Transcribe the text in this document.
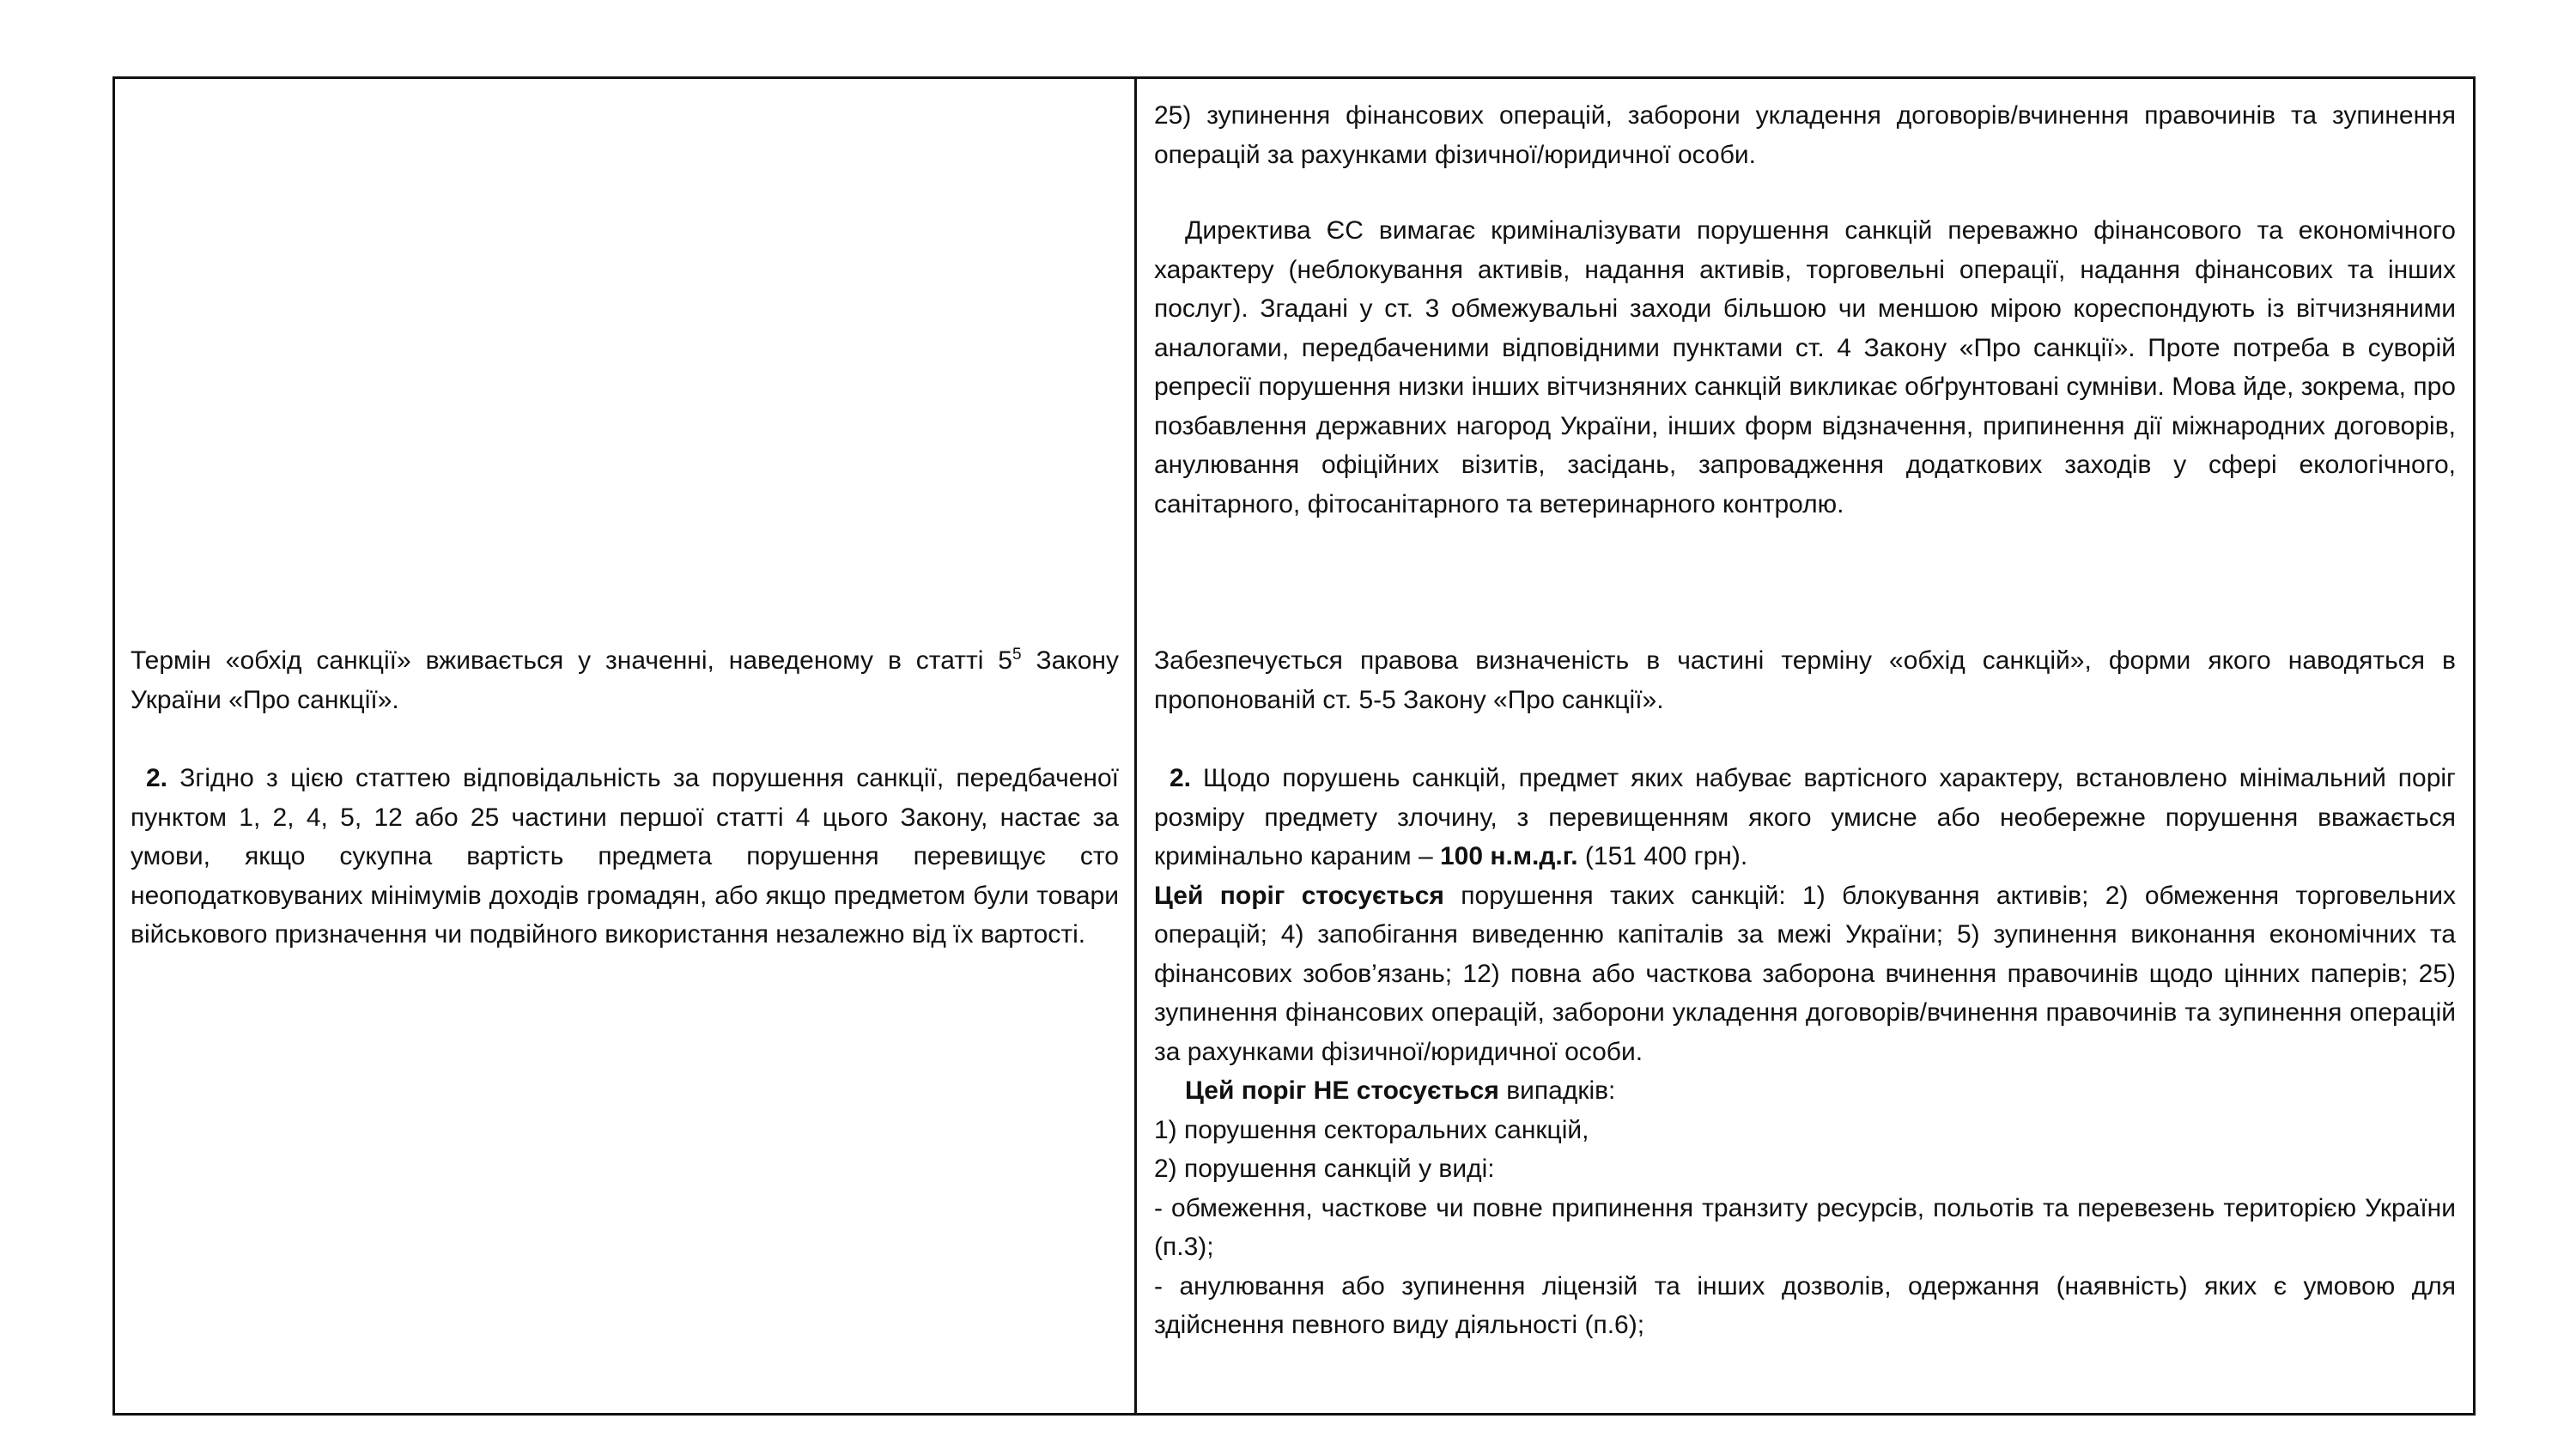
Термін «обхід санкції» вживається у значенні, наведеному в статті $5^5$ Закону України «Про санкції».

2. Згідно з цією статтею відповідальність за порушення санкції, передбаченої пунктом 1, 2, 4, 5, 12 або 25 частини першої статті 4 цього Закону, настає за умови, якщо сукупна вартість предмета порушення перевищує сто неоподатковуваних мінімумів доходів громадян, або якщо предметом були товари військового призначення чи подвійного використання незалежно від їх вартості.

25) зупинення фінансових операцій, заборони укладення договорів/вчинення правочинів та зупинення операцій за рахунками фізичної/юридичної особи.

Директива ЄС вимагає криміналізувати порушення санкцій переважно фінансового та економічного характеру (неблокування активів, надання активів, торговельні операції, надання фінансових та інших послуг). Згадані у ст. 3 обмежувальні заходи більшою чи меншою мірою кореспондують із вітчизняними аналогами, передбаченими відповідними пунктами ст. 4 Закону «Про санкції». Проте потреба в суворій репресії порушення низки інших вітчизняних санкцій викликає обґрунтовані сумніви. Мова йде, зокрема, про позбавлення державних нагород України, інших форм відзначення, припинення дії міжнародних договорів, анулювання офіційних візитів, засідань, запровадження додаткових заходів у сфері екологічного, санітарного, фітосанітарного та ветеринарного контролю.

Забезпечується правова визначеність в частині терміну «обхід санкцій», форми якого наводяться в пропонованій ст. 5-5 Закону «Про санкції».

2. Щодо порушень санкцій, предмет яких набуває вартісного характеру, встановлено мінімальний поріг розміру предмету злочину, з перевищенням якого умисне або необережне порушення вважається кримінально караним – 100 н.м.д.г. (151 400 грн).

Цей поріг стосується порушення таких санкцій: 1) блокування активів; 2) обмеження торговельних операцій; 4) запобігання виведенню капіталів за межі України; 5) зупинення виконання економічних та фінансових зобов’язань; 12) повна або часткова заборона вчинення правочинів щодо цінних паперів; 25) зупинення фінансових операцій, заборони укладення договорів/вчинення правочинів та зупинення операцій за рахунками фізичної/юридичної особи.

Цей поріг НЕ стосується випадків:

1) порушення секторальних санкцій,

2) порушення санкцій у виді:

- обмеження, часткове чи повне припинення транзиту ресурсів, польотів та перевезень територією України (п.3);

- анулювання або зупинення ліцензій та інших дозволів, одержання (наявність) яких є умовою для здійснення певного виду діяльності (п.6);
